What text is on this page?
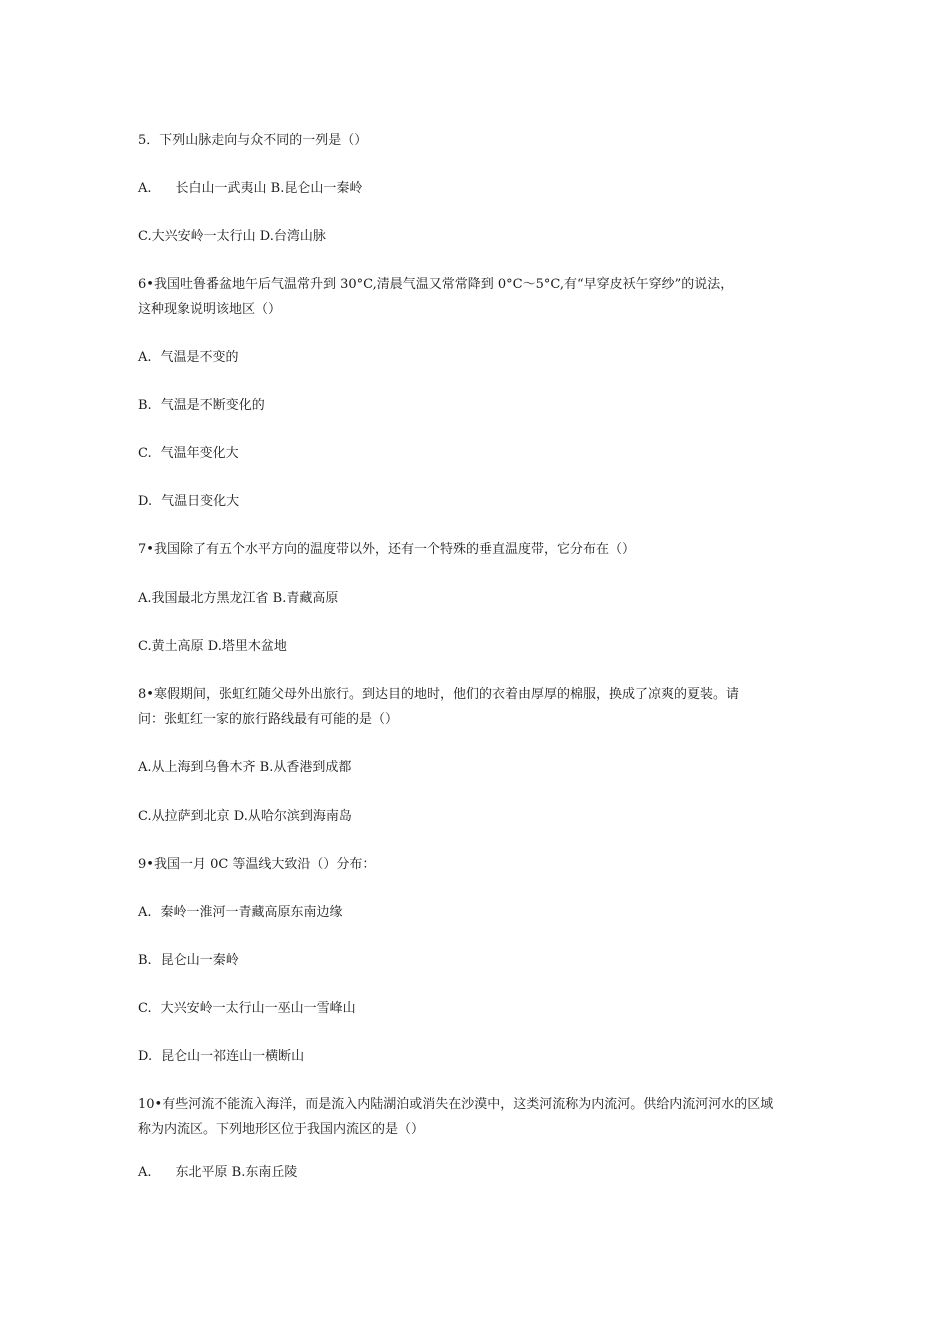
5．下列山脉走向与众不同的一列是（）
A. 长白山一武夷山 B.昆仑山一秦岭
C.大兴安岭一太行山 D.台湾山脉
6•我国吐鲁番盆地午后气温常升到 30°C,清晨气温又常常降到 0°C～5°C,有“早穿皮袄午穿纱”的说法，
这种现象说明该地区（）
A. 气温是不变的
B. 气温是不断变化的
C. 气温年变化大
D. 气温日变化大
7•我国除了有五个水平方向的温度带以外，还有一个特殊的垂直温度带，它分布在（）
A.我国最北方黑龙江省 B.青藏高原
C.黄土高原 D.塔里木盆地
8•寒假期间，张虹红随父母外出旅行。到达目的地时，他们的衣着由厚厚的棉服，换成了凉爽的夏装。请
问：张虹红一家的旅行路线最有可能的是（）
A.从上海到乌鲁木齐 B.从香港到成都
C.从拉萨到北京 D.从哈尔滨到海南岛
9•我国一月 0C 等温线大致沿（）分布：
A. 秦岭一淮河一青藏高原东南边缘
B. 昆仑山一秦岭
C. 大兴安岭一太行山一巫山一雪峰山
D. 昆仑山一祁连山一横断山
10•有些河流不能流入海洋，而是流入内陆湖泊或消失在沙漠中，这类河流称为内流河。供给内流河河水的区域
称为内流区。下列地形区位于我国内流区的是（）
A. 东北平原 B.东南丘陵
